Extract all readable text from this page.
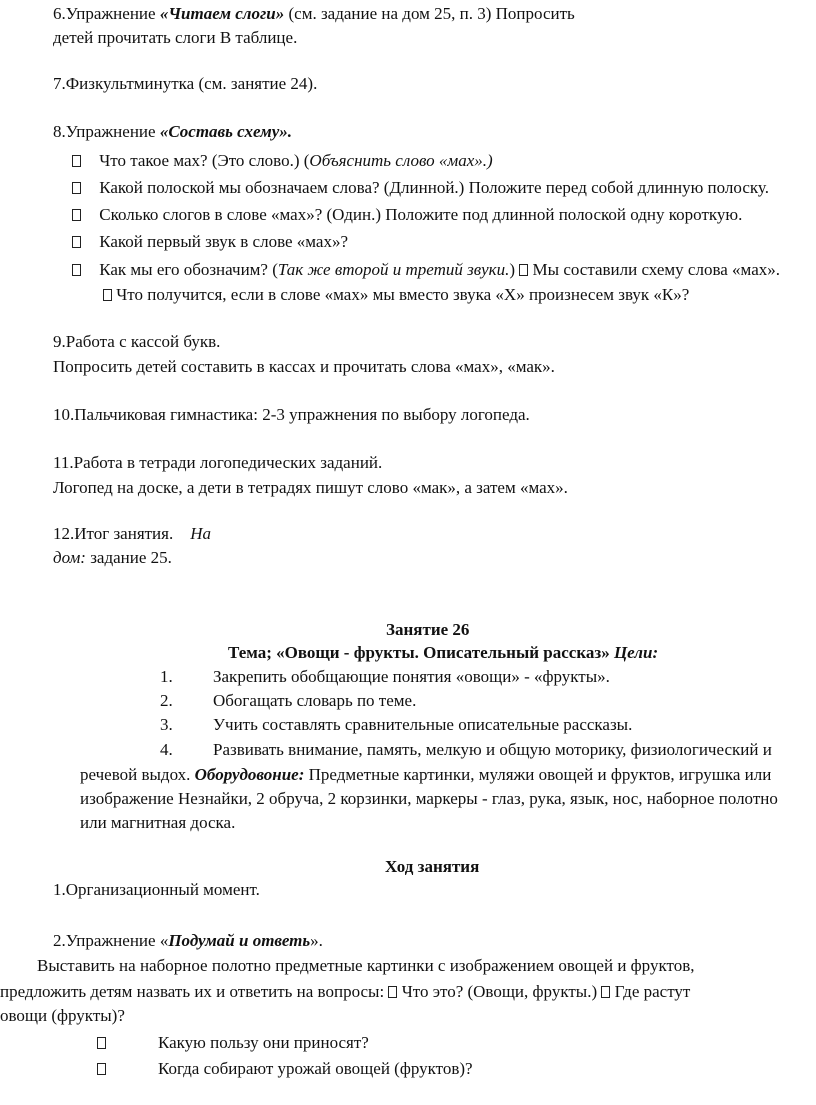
6.Упражнение «Читаем слоги» (см. задание на дом 25, п. 3) Попросить
детей прочитать слоги В таблице.
7.Физкультминутка (см. занятие 24).
8.Упражнение «Составь схему».
Что такое мах? (Это слово.) (Объяснить слово «мах».)
Какой полоской мы обозначаем слова? (Длинной.) Положите перед собой длинную полоску.
Сколько слогов в слове «мах»? (Один.) Положите под длинной полоской одну короткую.
Какой первый звук в слове «мах»?
Как мы его обозначим? (Так же второй и третий звуки.)  Мы составили схему слова «мах».
Что получится, если в слове «мах» мы вместо звука «Х» произнесем звук «К»?
9.Работа с кассой букв.
Попросить детей составить в кассах и прочитать слова «мах», «мак».
10.Пальчиковая гимнастика: 2-3 упражнения по выбору логопеда.
11.Работа в тетради логопедических заданий.
Логопед на доске, а дети в тетрадях пишут слово «мак», а затем «мах».
12.Итог занятия. На
дом: задание 25.
Занятие 26
Тема; «Овощи - фрукты. Описательный рассказ» Цели:
1. Закрепить обобщающие понятия «овощи» - «фрукты».
2. Обогащать словарь по теме.
3. Учить составлять сравнительные описательные рассказы.
4. Развивать внимание, память, мелкую и общую моторику, физиологический и
речевой выдох. Оборудовоние: Предметные картинки, муляжи овощей и фруктов, игрушка или
изображение Незнайки, 2 обруча, 2 корзинки, маркеры - глаз, рука, язык, нос, наборное полотно
или магнитная доска.
Ход занятия
1.Организационный момент.
2.Упражнение «Подумай и ответь».
Выставить на наборное полотно предметные картинки с изображением овощей и фруктов,
предложить детям назвать их и ответить на вопросы:  Что это? (Овощи, фрукты.)  Где растут
овощи (фрукты)?
Какую пользу они приносят?
Когда собирают урожай овощей (фруктов)?
